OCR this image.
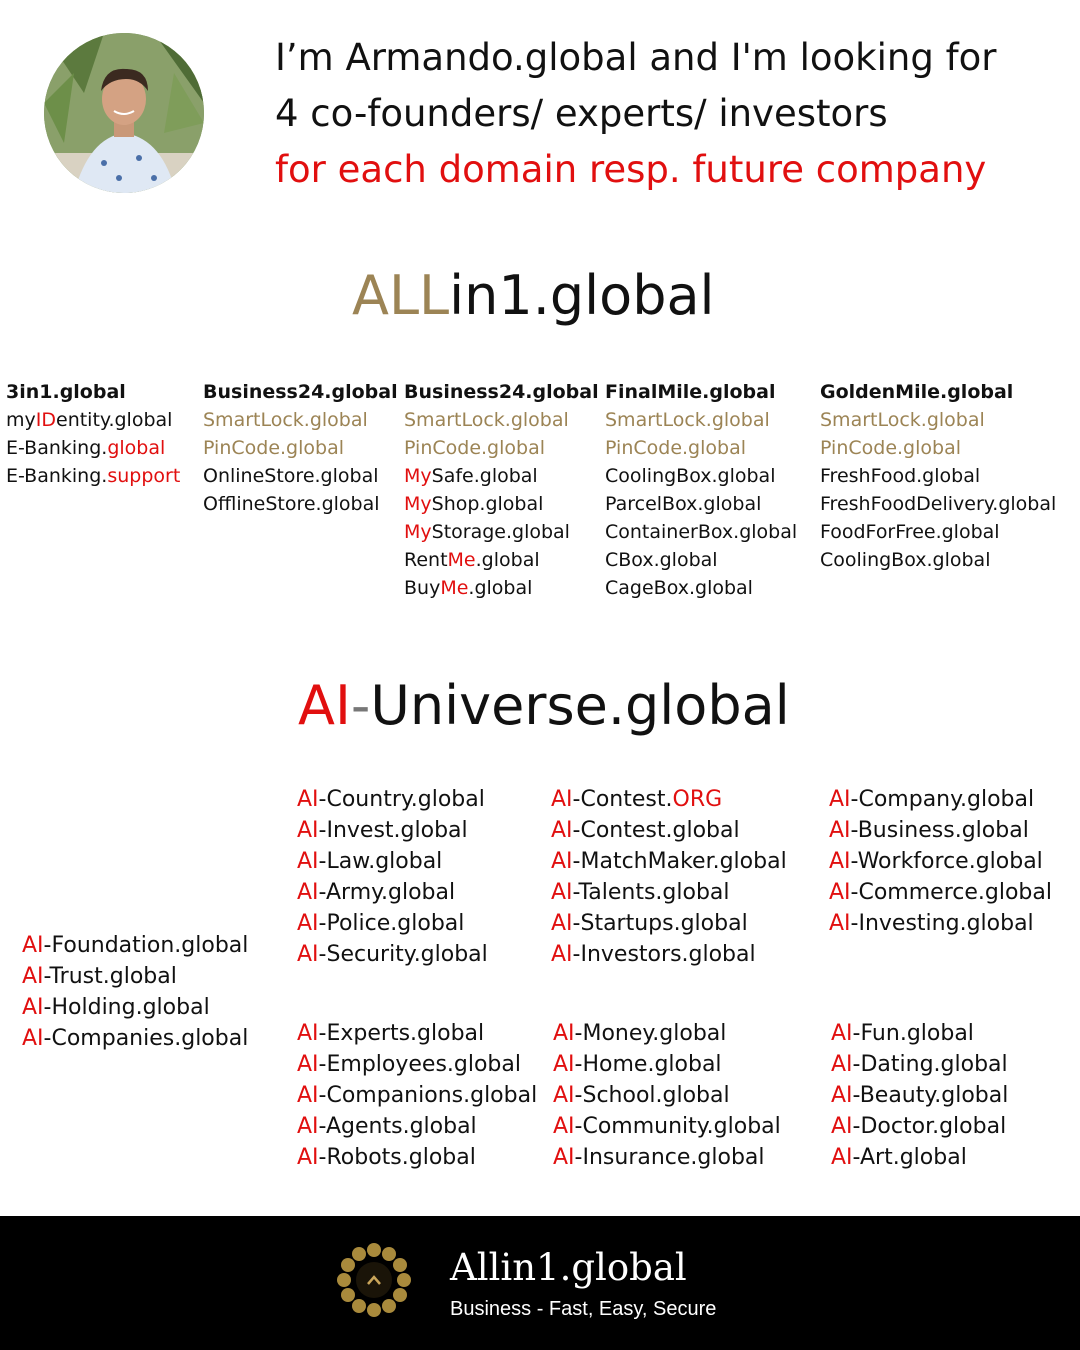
I’m Armando.global and I'm looking for
4 co-founders/ experts/ investors
for each domain resp. future company
ALLin1.global
3in1.global
myIDentity.global
E-Banking.global
E-Banking.support
Business24.global
SmartLock.global
PinCode.global
OnlineStore.global
OfflineStore.global
Business24.global
SmartLock.global
PinCode.global
MySafe.global
MyShop.global
MyStorage.global
RentMe.global
BuyMe.global
FinalMile.global
SmartLock.global
PinCode.global
CoolingBox.global
ParcelBox.global
ContainerBox.global
CBox.global
CageBox.global
GoldenMile.global
SmartLock.global
PinCode.global
FreshFood.global
FreshFoodDelivery.global
FoodForFree.global
CoolingBox.global
AI-Universe.global
AI-Foundation.global
AI-Trust.global
AI-Holding.global
AI-Companies.global
AI-Country.global
AI-Invest.global
AI-Law.global
AI-Army.global
AI-Police.global
AI-Security.global
AI-Contest.ORG
AI-Contest.global
AI-MatchMaker.global
AI-Talents.global
AI-Startups.global
AI-Investors.global
AI-Company.global
AI-Business.global
AI-Workforce.global
AI-Commerce.global
AI-Investing.global
AI-Experts.global
AI-Employees.global
AI-Companions.global
AI-Agents.global
AI-Robots.global
AI-Money.global
AI-Home.global
AI-School.global
AI-Community.global
AI-Insurance.global
AI-Fun.global
AI-Dating.global
AI-Beauty.global
AI-Doctor.global
AI-Art.global
Allin1.global
Business - Fast, Easy, Secure
